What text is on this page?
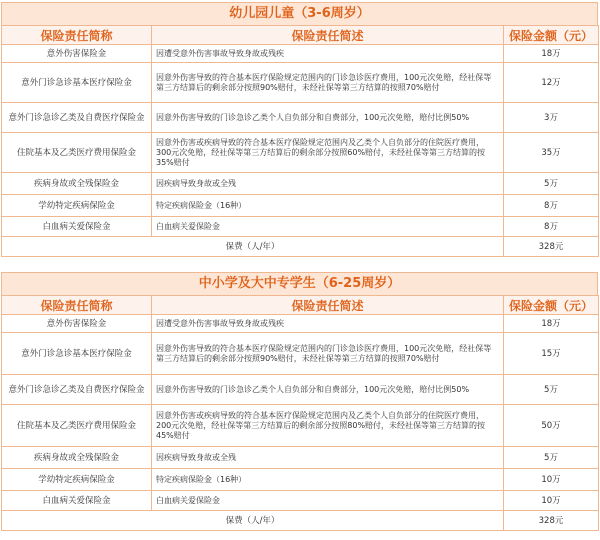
幼儿园儿童（3-6周岁）
保险责任简称	保险责任简述	保险金额（元）
意外伤害保险金	因遭受意外伤害事故导致身故或残疾	18万
意外门诊急诊基本医疗保险金	因意外伤害导致的符合基本医疗保险规定范围内的门诊急诊医疗费用，100元次免赔，经社保等第三方结算后的剩余部分按照90%赔付，未经社保等第三方结算的按照70%赔付	12万
意外门诊急诊乙类及自费医疗保险金	因意外伤害导致的门诊急诊乙类个人自负部分和自费部分，100元次免赔，赔付比例50%	3万
住院基本及乙类医疗费用保险金	因意外伤害或疾病导致的符合基本医疗保险规定范围内及乙类个人自负部分的住院医疗费用，300元次免赔，经社保等第三方结算后的剩余部分按照60%赔付，未经社保等第三方结算的按35%赔付	35万
疾病身故或全残保险金	因疾病导致身故或全残	5万
学幼特定疾病保险金	特定疾病保险金（16种）	8万
白血病关爱保险金	白血病关爱保险金	8万
保费（人/年）		328元
中小学及大中专学生（6-25周岁）
保险责任简称	保险责任简述	保险金额（元）
意外伤害保险金	因遭受意外伤害事故导致身故或残疾	18万
意外门诊急诊基本医疗保险金	因意外伤害导致的符合基本医疗保险规定范围内的门诊急诊医疗费用，100元次免赔，经社保等第三方结算后的剩余部分按照90%赔付，未经社保等第三方结算的按照70%赔付	15万
意外门诊急诊乙类及自费医疗保险金	因意外伤害导致的门诊急诊乙类个人自负部分和自费部分，100元次免赔，赔付比例50%	5万
住院基本及乙类医疗费用保险金	因意外伤害或疾病导致的符合基本医疗保险规定范围内及乙类个人自负部分的住院医疗费用，200元次免赔，经社保等第三方结算后的剩余部分按照80%赔付，未经社保等第三方结算的按45%赔付	50万
疾病身故或全残保险金	因疾病导致身故或全残	5万
学幼特定疾病保险金	特定疾病保险金（16种）	10万
白血病关爱保险金	白血病关爱保险金	10万
保费（人/年）		328元
